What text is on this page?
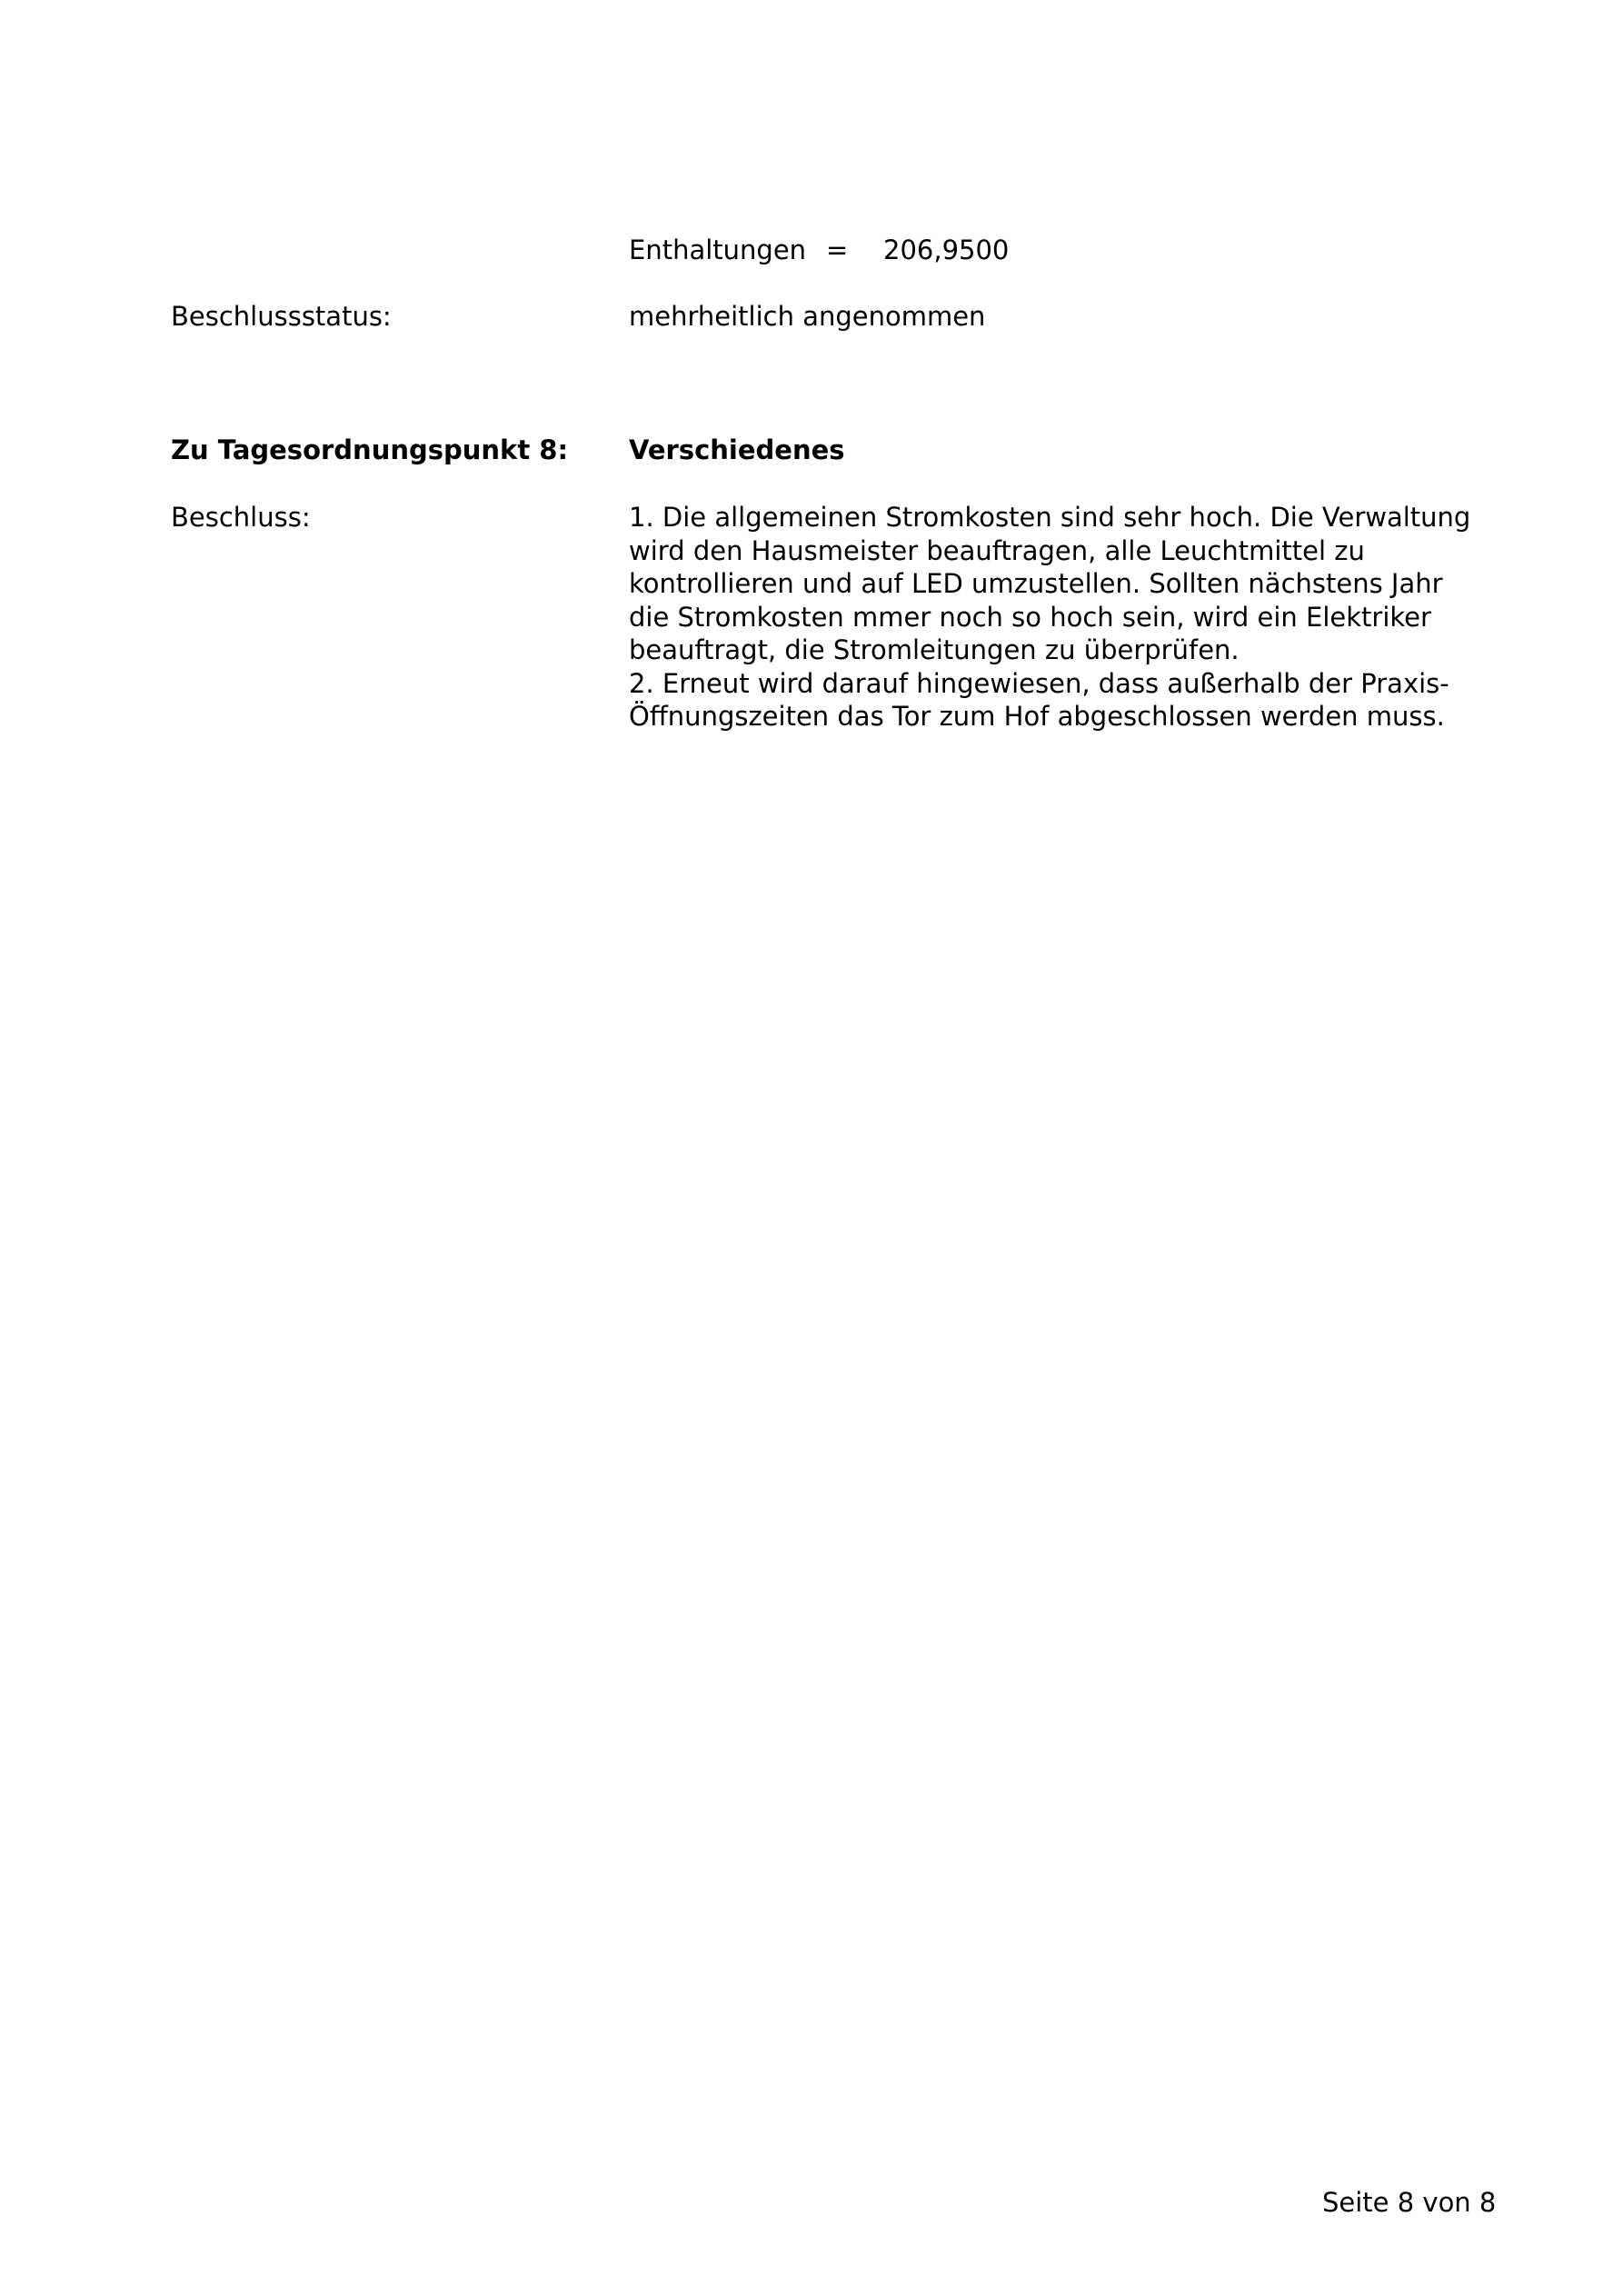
Enthaltungen = 206,9500
Beschlussstatus:	mehrheitlich angenommen
Zu Tagesordnungspunkt 8: Verschiedenes
Beschluss:	1. Die allgemeinen Stromkosten sind sehr hoch. Die Verwaltung
wird den Hausmeister beauftragen, alle Leuchtmittel zu
kontrollieren und auf LED umzustellen. Sollten nächstens Jahr
die Stromkosten mmer noch so hoch sein, wird ein Elektriker
beauftragt, die Stromleitungen zu überprüfen.
2. Erneut wird darauf hingewiesen, dass außerhalb der Praxis-
Öffnungszeiten das Tor zum Hof abgeschlossen werden muss.
Seite 8 von 8
